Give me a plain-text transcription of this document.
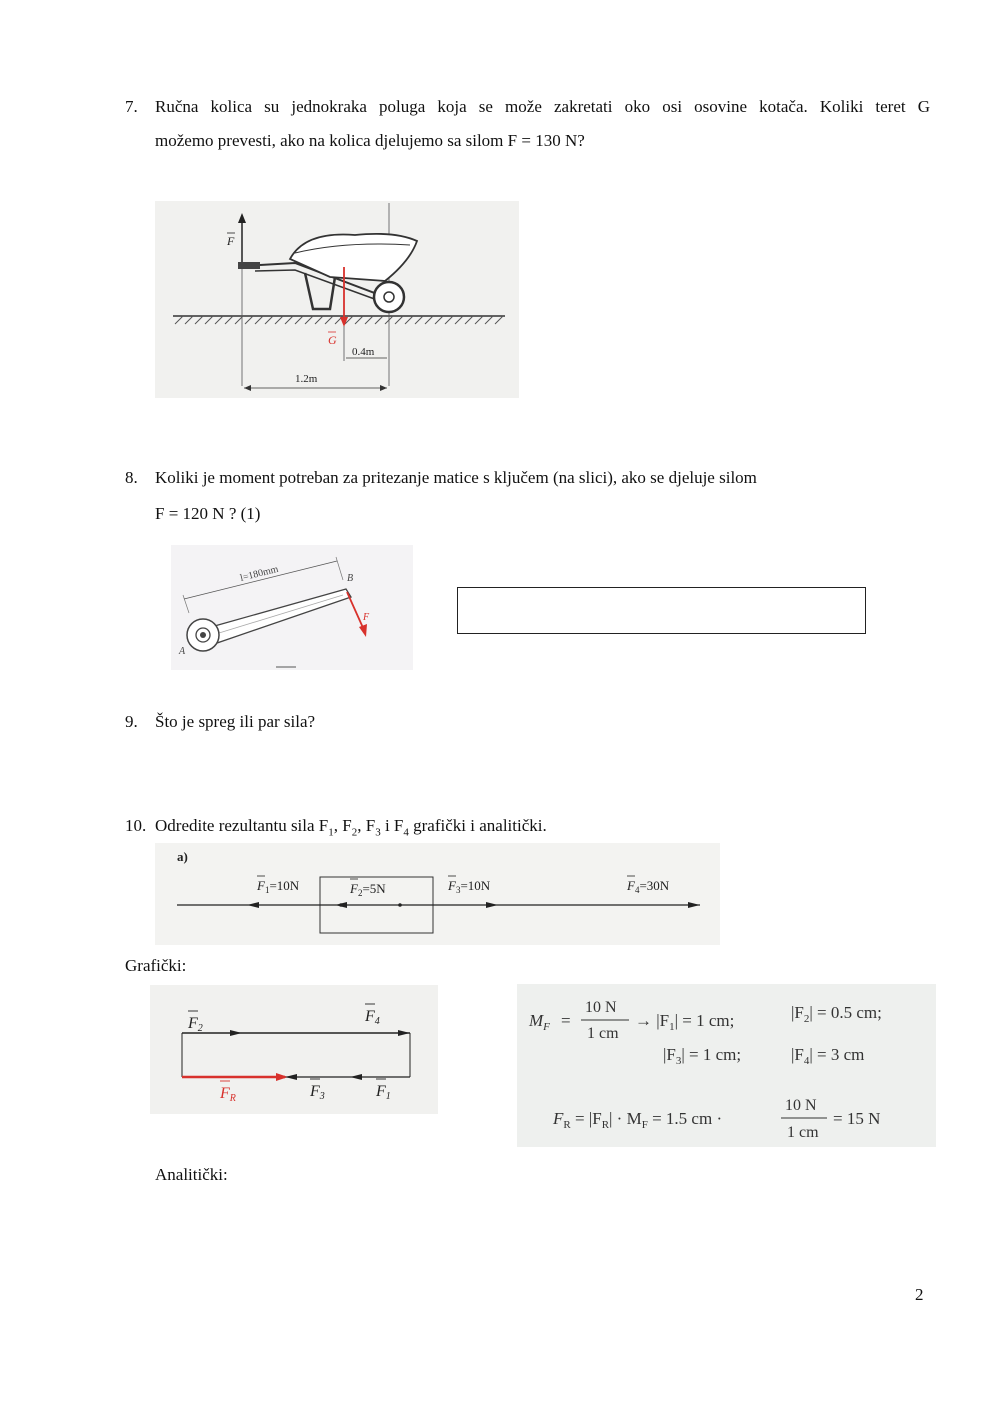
7. Ručna kolica su jednokraka poluga koja se može zakretati oko osi osovine kotača. Koliki teret G
možemo prevesti, ako na kolica djelujemo sa silom F = 130 N?
F
G
0.4m
1.2m
8. Koliki je moment potreban za pritezanje matice s ključem (na slici), ako se djeluje silom
F = 120 N ? (1)
l=180mm
A
B
F
9. Što je spreg ili par sila?
10. Odredite rezultantu sila $F_1$, $F_2$, $F_3$ i $F_4$ grafički i analitički.
a)
$F_1=10N$	$F_2=5N$	$F_3=10N$	$F_4=30N$
Grafički:
F2
F4
FR	F3	F1
$M_F$ =
10 N
1 cm
→ $|F_1| = 1$ cm;	$|F_2| = 0.5$ cm;
$|F_3| = 1$ cm;	$|F_4| = 3$ cm
$F_R = |F_R| \cdot M_F = 1.5$ cm ·
10 N
1 cm
= 15 N
Analitički:
2
